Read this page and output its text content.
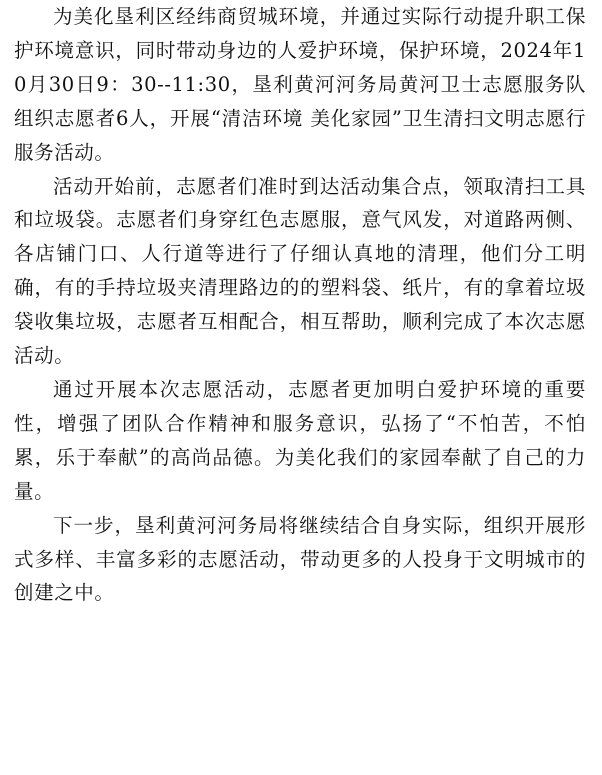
为美化垦利区经纬商贸城环境，并通过实际行动提升职工保护环境意识，同时带动身边的人爱护环境，保护环境，2024年10月30日9：30--11:30，垦利黄河河务局黄河卫士志愿服务队组织志愿者6人，开展“清洁环境 美化家园”卫生清扫文明志愿行服务活动。

活动开始前，志愿者们准时到达活动集合点，领取清扫工具和垃圾袋。志愿者们身穿红色志愿服，意气风发，对道路两侧、各店铺门口、人行道等进行了仔细认真地的清理，他们分工明确，有的手持垃圾夹清理路边的的塑料袋、纸片，有的拿着垃圾袋收集垃圾，志愿者互相配合，相互帮助，顺利完成了本次志愿活动。

通过开展本次志愿活动，志愿者更加明白爱护环境的重要性，增强了团队合作精神和服务意识，弘扬了“不怕苦，不怕累，乐于奉献”的高尚品德。为美化我们的家园奉献了自己的力量。

下一步，垦利黄河河务局将继续结合自身实际，组织开展形式多样、丰富多彩的志愿活动，带动更多的人投身于文明城市的创建之中。
